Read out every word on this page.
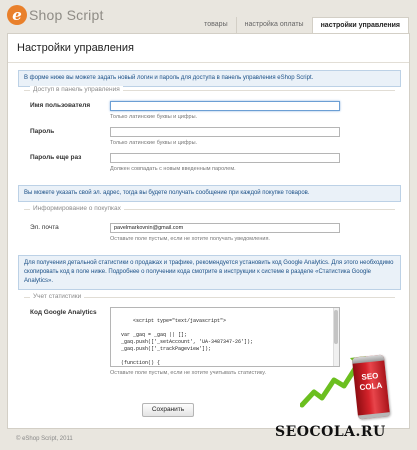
e Shop Script
товары	настройка оплаты	настройки управления
Настройки управления
В форме ниже вы можете задать новый логин и пароль для доступа в панель управления eShop Script.
Доступ в панель управления
Имя пользователя
Только латинские буквы и цифры.
Пароль
Только латинские буквы и цифры.
Пароль еще раз
Должен совпадать с новым введенным паролем.
Вы можете указать свой эл. адрес, тогда вы будете получать сообщение при каждой покупке товаров.
Информирование о покупках
Эл. почта
pavelmarkovnin@gmail.com
Оставьте поле пустым, если не хотите получать уведомления.
Для получения детальной статистики о продажах и трафике, рекомендуется установить код Google Analytics. Для этого необходимо скопировать код в поле ниже. Подробнее о получении кода смотрите в инструкции к системе в разделе «Статистика Google Analytics».
Учет статистики
Код Google Analytics

<script type="text/javascript">

var _gaq = _gaq || [];
_gaq.push(['_setAccount', 'UA-3487347-26']);
_gaq.push(['_trackPageview']);

(function() {

Оставьте поле пустым, если не хотите учитывать статистику.
Сохранить
© eShop Script, 2011
SEO
COLA
SEOCOLA.RU
